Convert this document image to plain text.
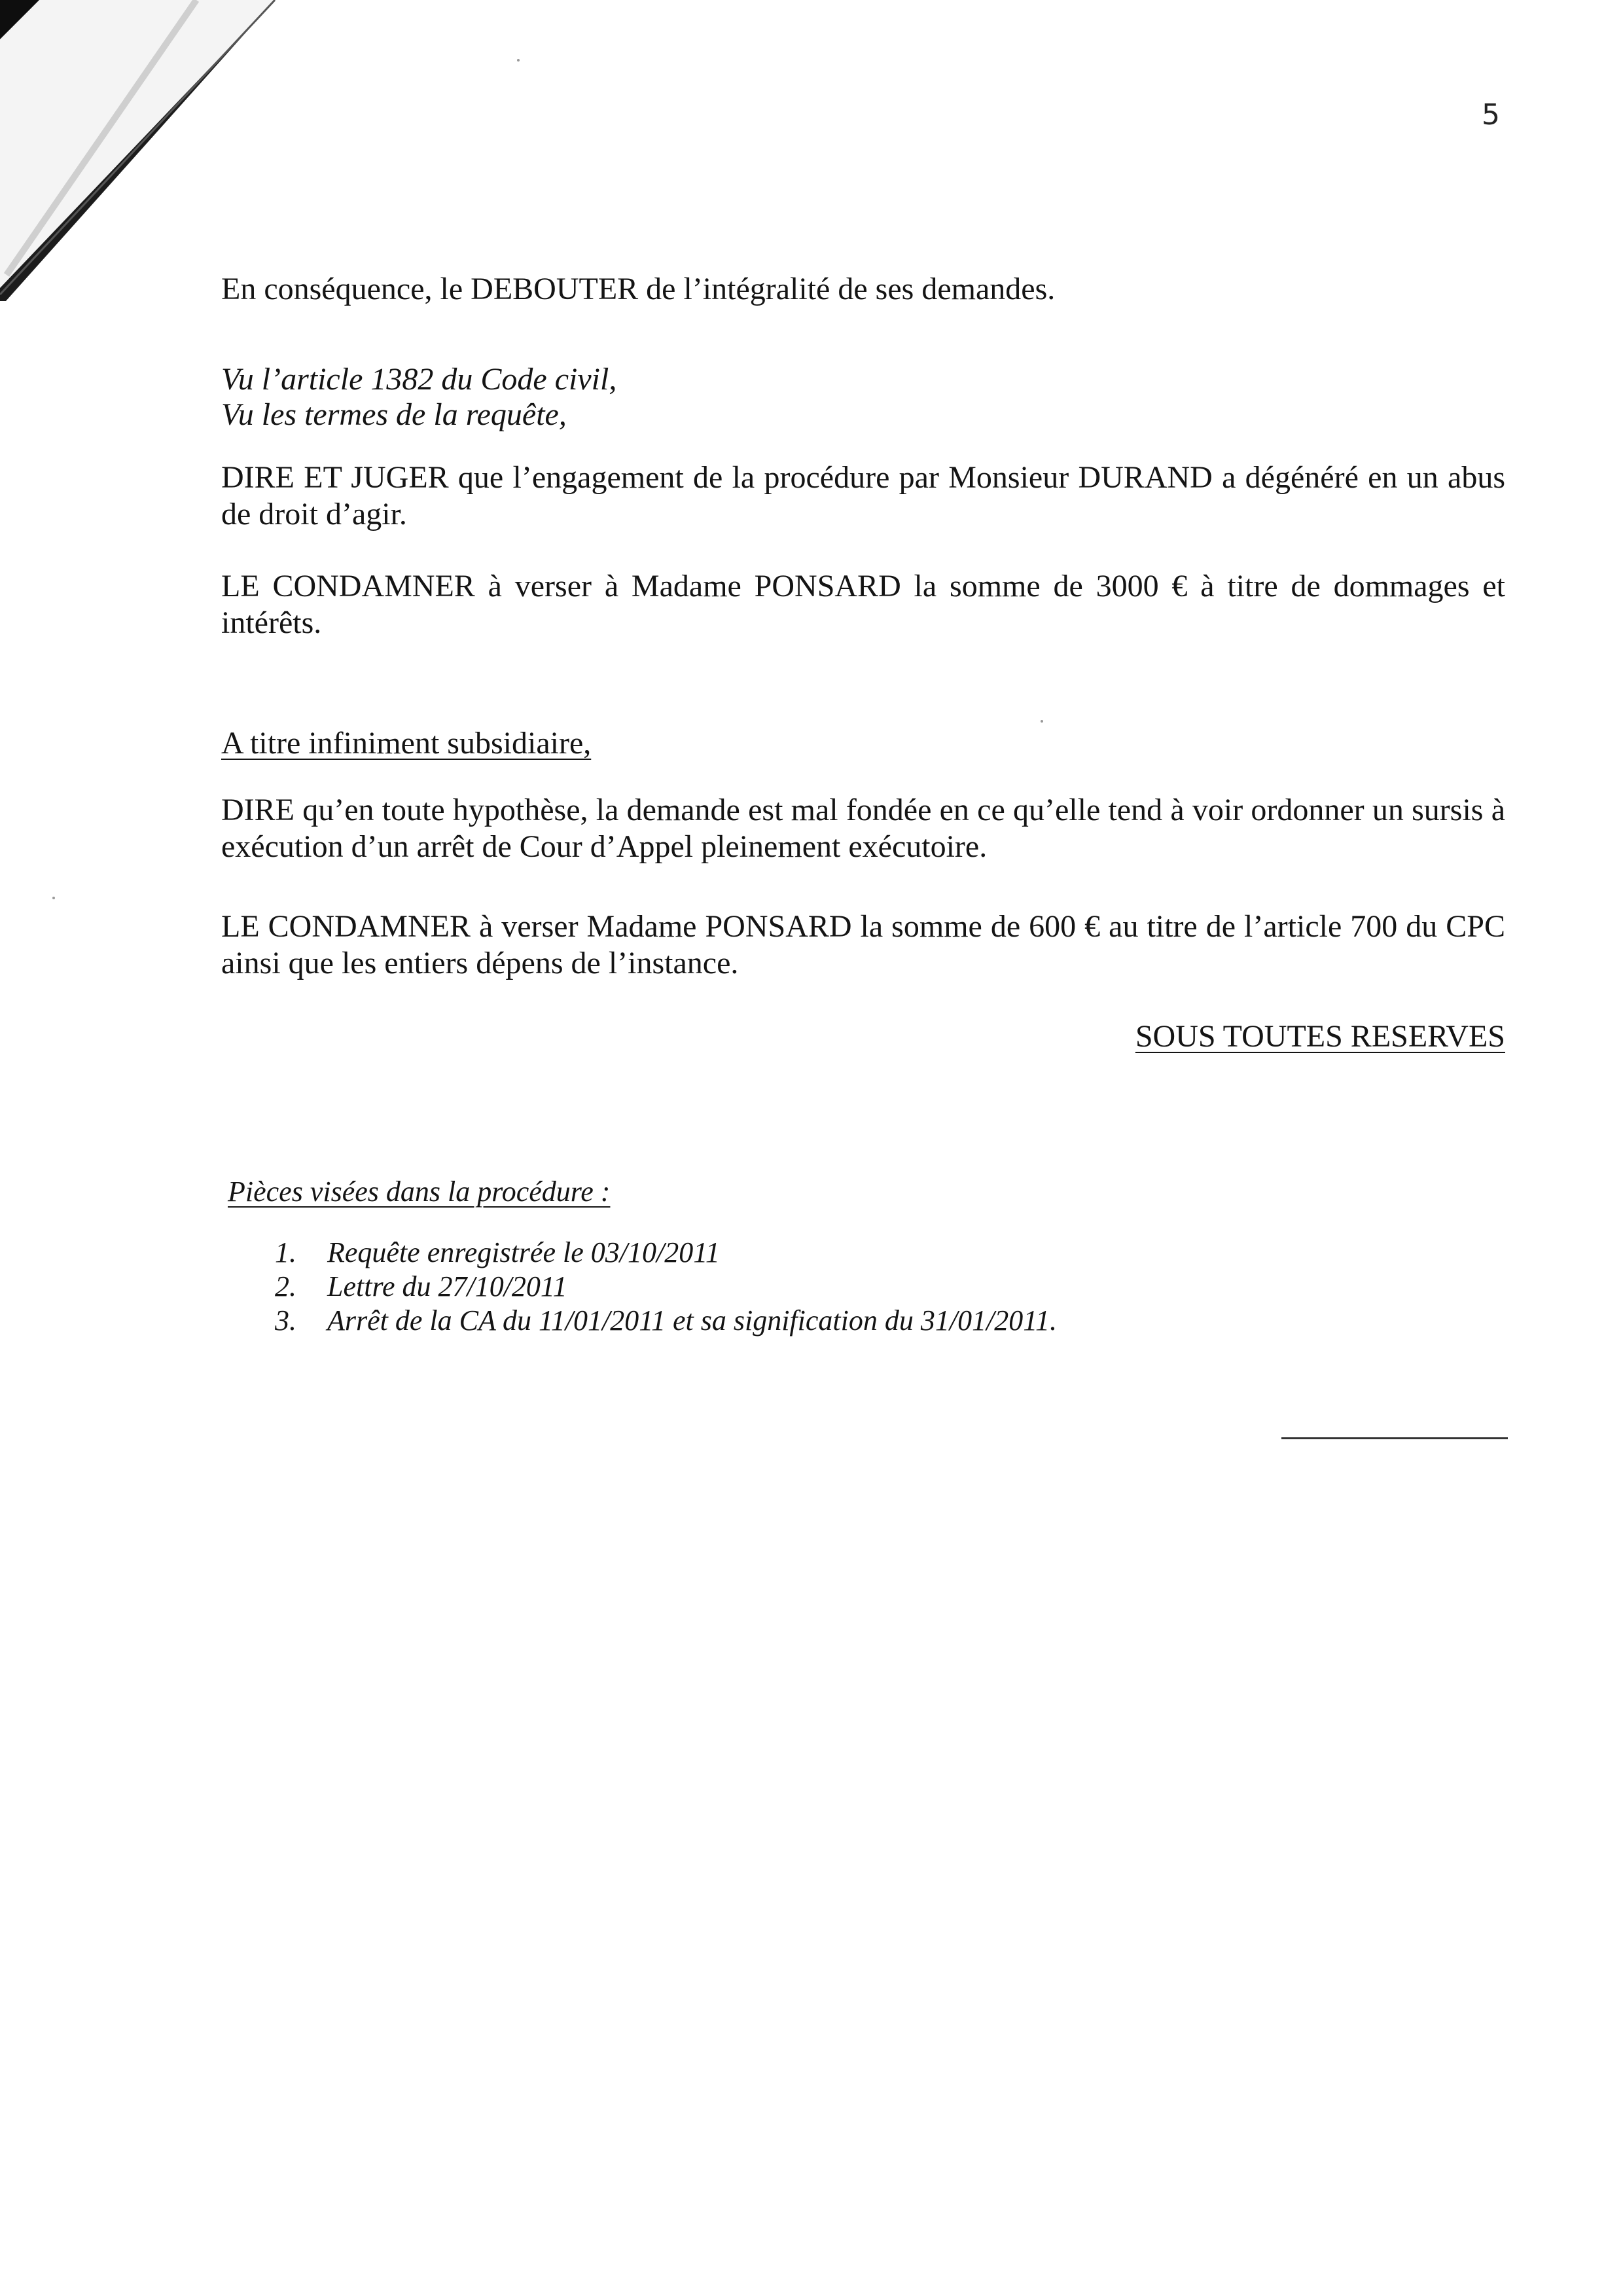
5

En conséquence, le DEBOUTER de l’intégralité de ses demandes.

Vu l’article 1382 du Code civil,

Vu les termes de la requête,

DIRE ET JUGER que l’engagement de la procédure par Monsieur DURAND a dégénéré en un abus de droit d’agir.

LE CONDAMNER à verser à Madame PONSARD la somme de 3000 € à titre de dommages et intérêts.

A titre infiniment subsidiaire,

DIRE qu’en toute hypothèse, la demande est mal fondée en ce qu’elle tend à voir ordonner un sursis à exécution d’un arrêt de Cour d’Appel pleinement exécutoire.

LE CONDAMNER à verser Madame PONSARD la somme de 600 € au titre de l’article 700 du CPC ainsi que les entiers dépens de l’instance.

SOUS TOUTES RESERVES

Pièces visées dans la procédure :
1.	Requête enregistrée le 03/10/2011
2.	Lettre du 27/10/2011
3.	Arrêt de la CA du 11/01/2011 et sa signification du 31/01/2011.
